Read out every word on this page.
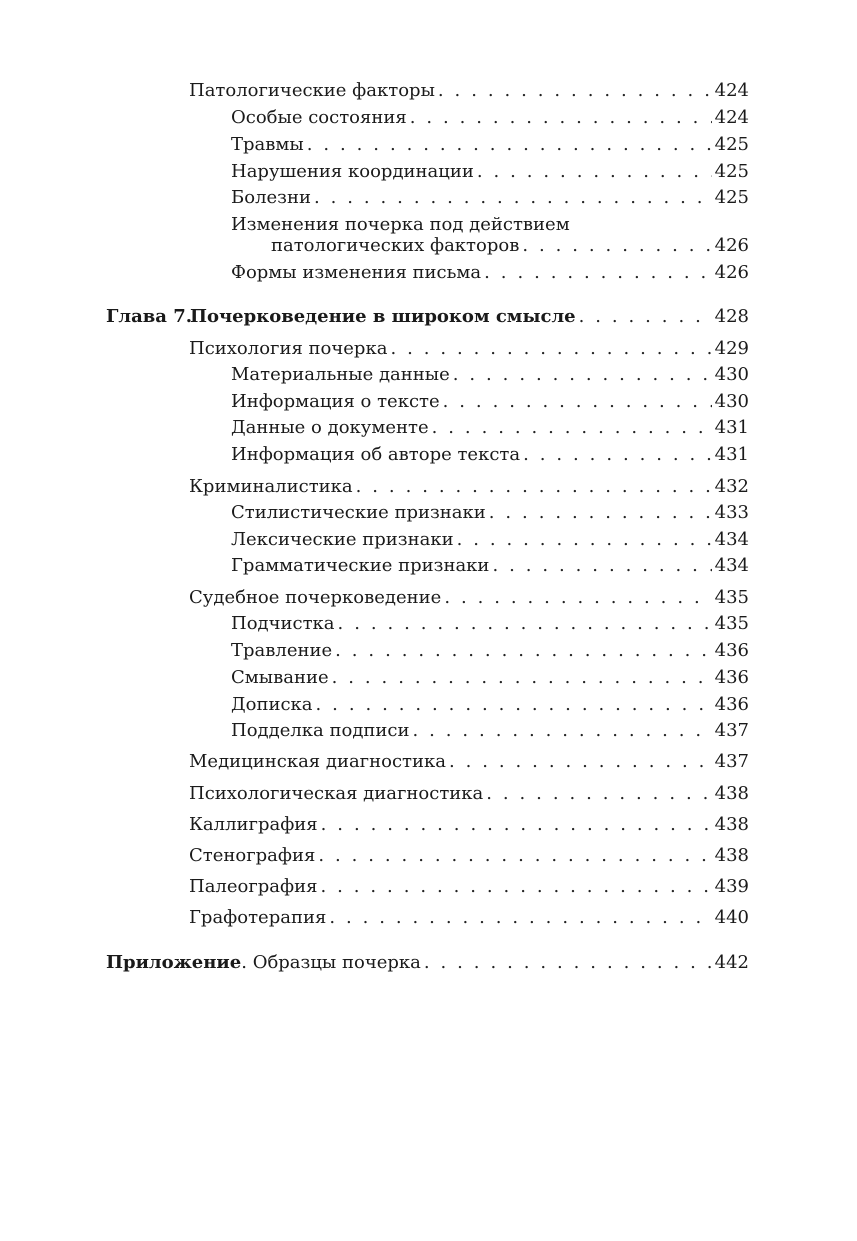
Патологические факторы . . .	424
Особые состояния . . .	424
Травмы . . .	425
Нарушения координации . . .	425
Болезни . . .	425
Изменения почерка под действием
патологических факторов . . .	426
Формы изменения письма . . .	426
Глава 7.Почерковедение в широком смысле . . .	428
Психология почерка . . .	429
Материальные данные . . .	430
Информация о тексте . . .	430
Данные о документе . . .	431
Информация об авторе текста . . .	431
Криминалистика . . .	432
Стилистические признаки . . .	433
Лексические признаки . . .	434
Грамматические признаки . . .	434
Судебное почерковедение . . .	435
Подчистка . . .	435
Травление . . .	436
Смывание . . .	436
Дописка . . .	436
Подделка подписи . . .	437
Медицинская диагностика . . .	437
Психологическая диагностика . . .	438
Каллиграфия . . .	438
Стенография . . .	438
Палеография . . .	439
Графотерапия . . .	440
Приложение. Образцы почерка . . .	442
